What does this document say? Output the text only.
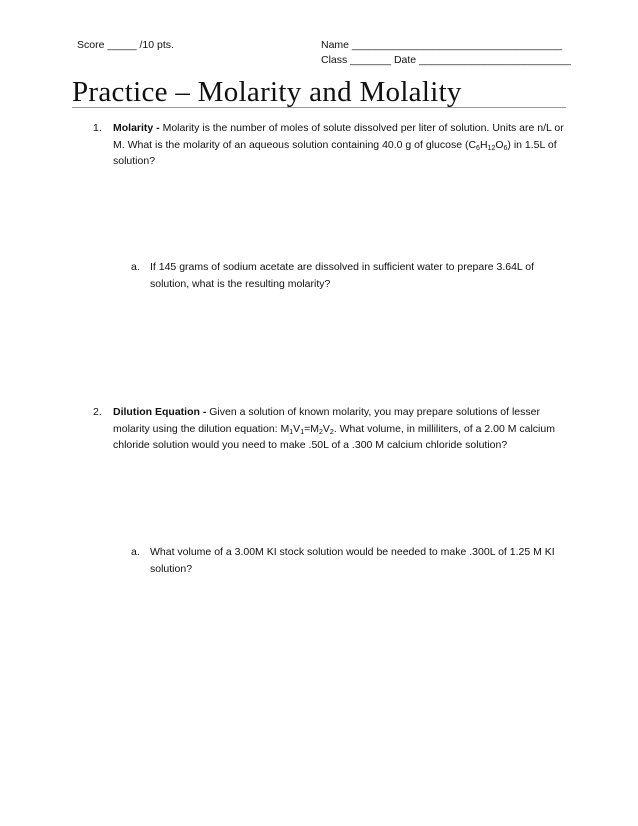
Score _____ /10 pts.	Name ____________________________________
Class _______ Date __________________________
Practice – Molarity and Molality
1. Molarity - Molarity is the number of moles of solute dissolved per liter of solution. Units are n/L or M. What is the molarity of an aqueous solution containing 40.0 g of glucose $(C_6H_{12}O_6)$ in 1.5L of solution?
a. If 145 grams of sodium acetate are dissolved in sufficient water to prepare 3.64L of solution, what is the resulting molarity?
2. Dilution Equation - Given a solution of known molarity, you may prepare solutions of lesser molarity using the dilution equation: $M_1V_1=M_2V_2$. What volume, in milliliters, of a 2.00 M calcium chloride solution would you need to make .50L of a .300 M calcium chloride solution?
a. What volume of a 3.00M KI stock solution would be needed to make .300L of 1.25 M KI solution?
